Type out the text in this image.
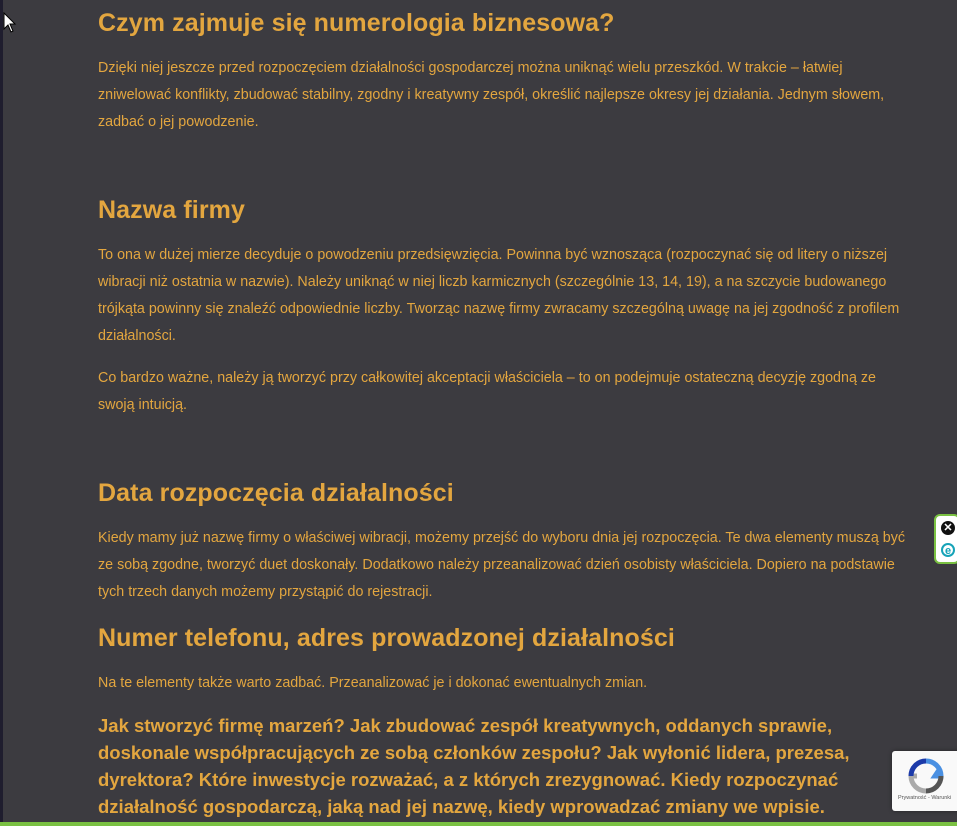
Czym zajmuje się numerologia biznesowa?

Dzięki niej jeszcze przed rozpoczęciem działalności gospodarczej można uniknąć wielu przeszkód. W trakcie – łatwiej zniwelować konflikty, zbudować stabilny, zgodny i kreatywny zespół, określić najlepsze okresy jej działania. Jednym słowem, zadbać o jej powodzenie.

Nazwa firmy

To ona w dużej mierze decyduje o powodzeniu przedsięwzięcia. Powinna być wznosząca (rozpoczynać się od litery o niższej wibracji niż ostatnia w nazwie). Należy uniknąć w niej liczb karmicznych (szczególnie 13, 14, 19), a na szczycie budowanego trójkąta powinny się znaleźć odpowiednie liczby. Tworząc nazwę firmy zwracamy szczególną uwagę na jej zgodność z profilem działalności.

Co bardzo ważne, należy ją tworzyć przy całkowitej akceptacji właściciela – to on podejmuje ostateczną decyzję zgodną ze swoją intuicją.

Data rozpoczęcia działalności

Kiedy mamy już nazwę firmy o właściwej wibracji, możemy przejść do wyboru dnia jej rozpoczęcia. Te dwa elementy muszą być ze sobą zgodne, tworzyć duet doskonały. Dodatkowo należy przeanalizować dzień osobisty właściciela. Dopiero na podstawie tych trzech danych możemy przystąpić do rejestracji.

Numer telefonu, adres prowadzonej działalności

Na te elementy także warto zadbać. Przeanalizować je i dokonać ewentualnych zmian.

Jak stworzyć firmę marzeń? Jak zbudować zespół kreatywnych, oddanych sprawie, doskonale współpracujących ze sobą członków zespołu? Jak wyłonić lidera, prezesa, dyrektora? Które inwestycje rozważać, a z których zrezygnować. Kiedy rozpoczynać działalność gospodarczą, jaką nad jej nazwę, kiedy wprowadzać zmiany we wpisie.
✕
e
Prywatność - Warunki
